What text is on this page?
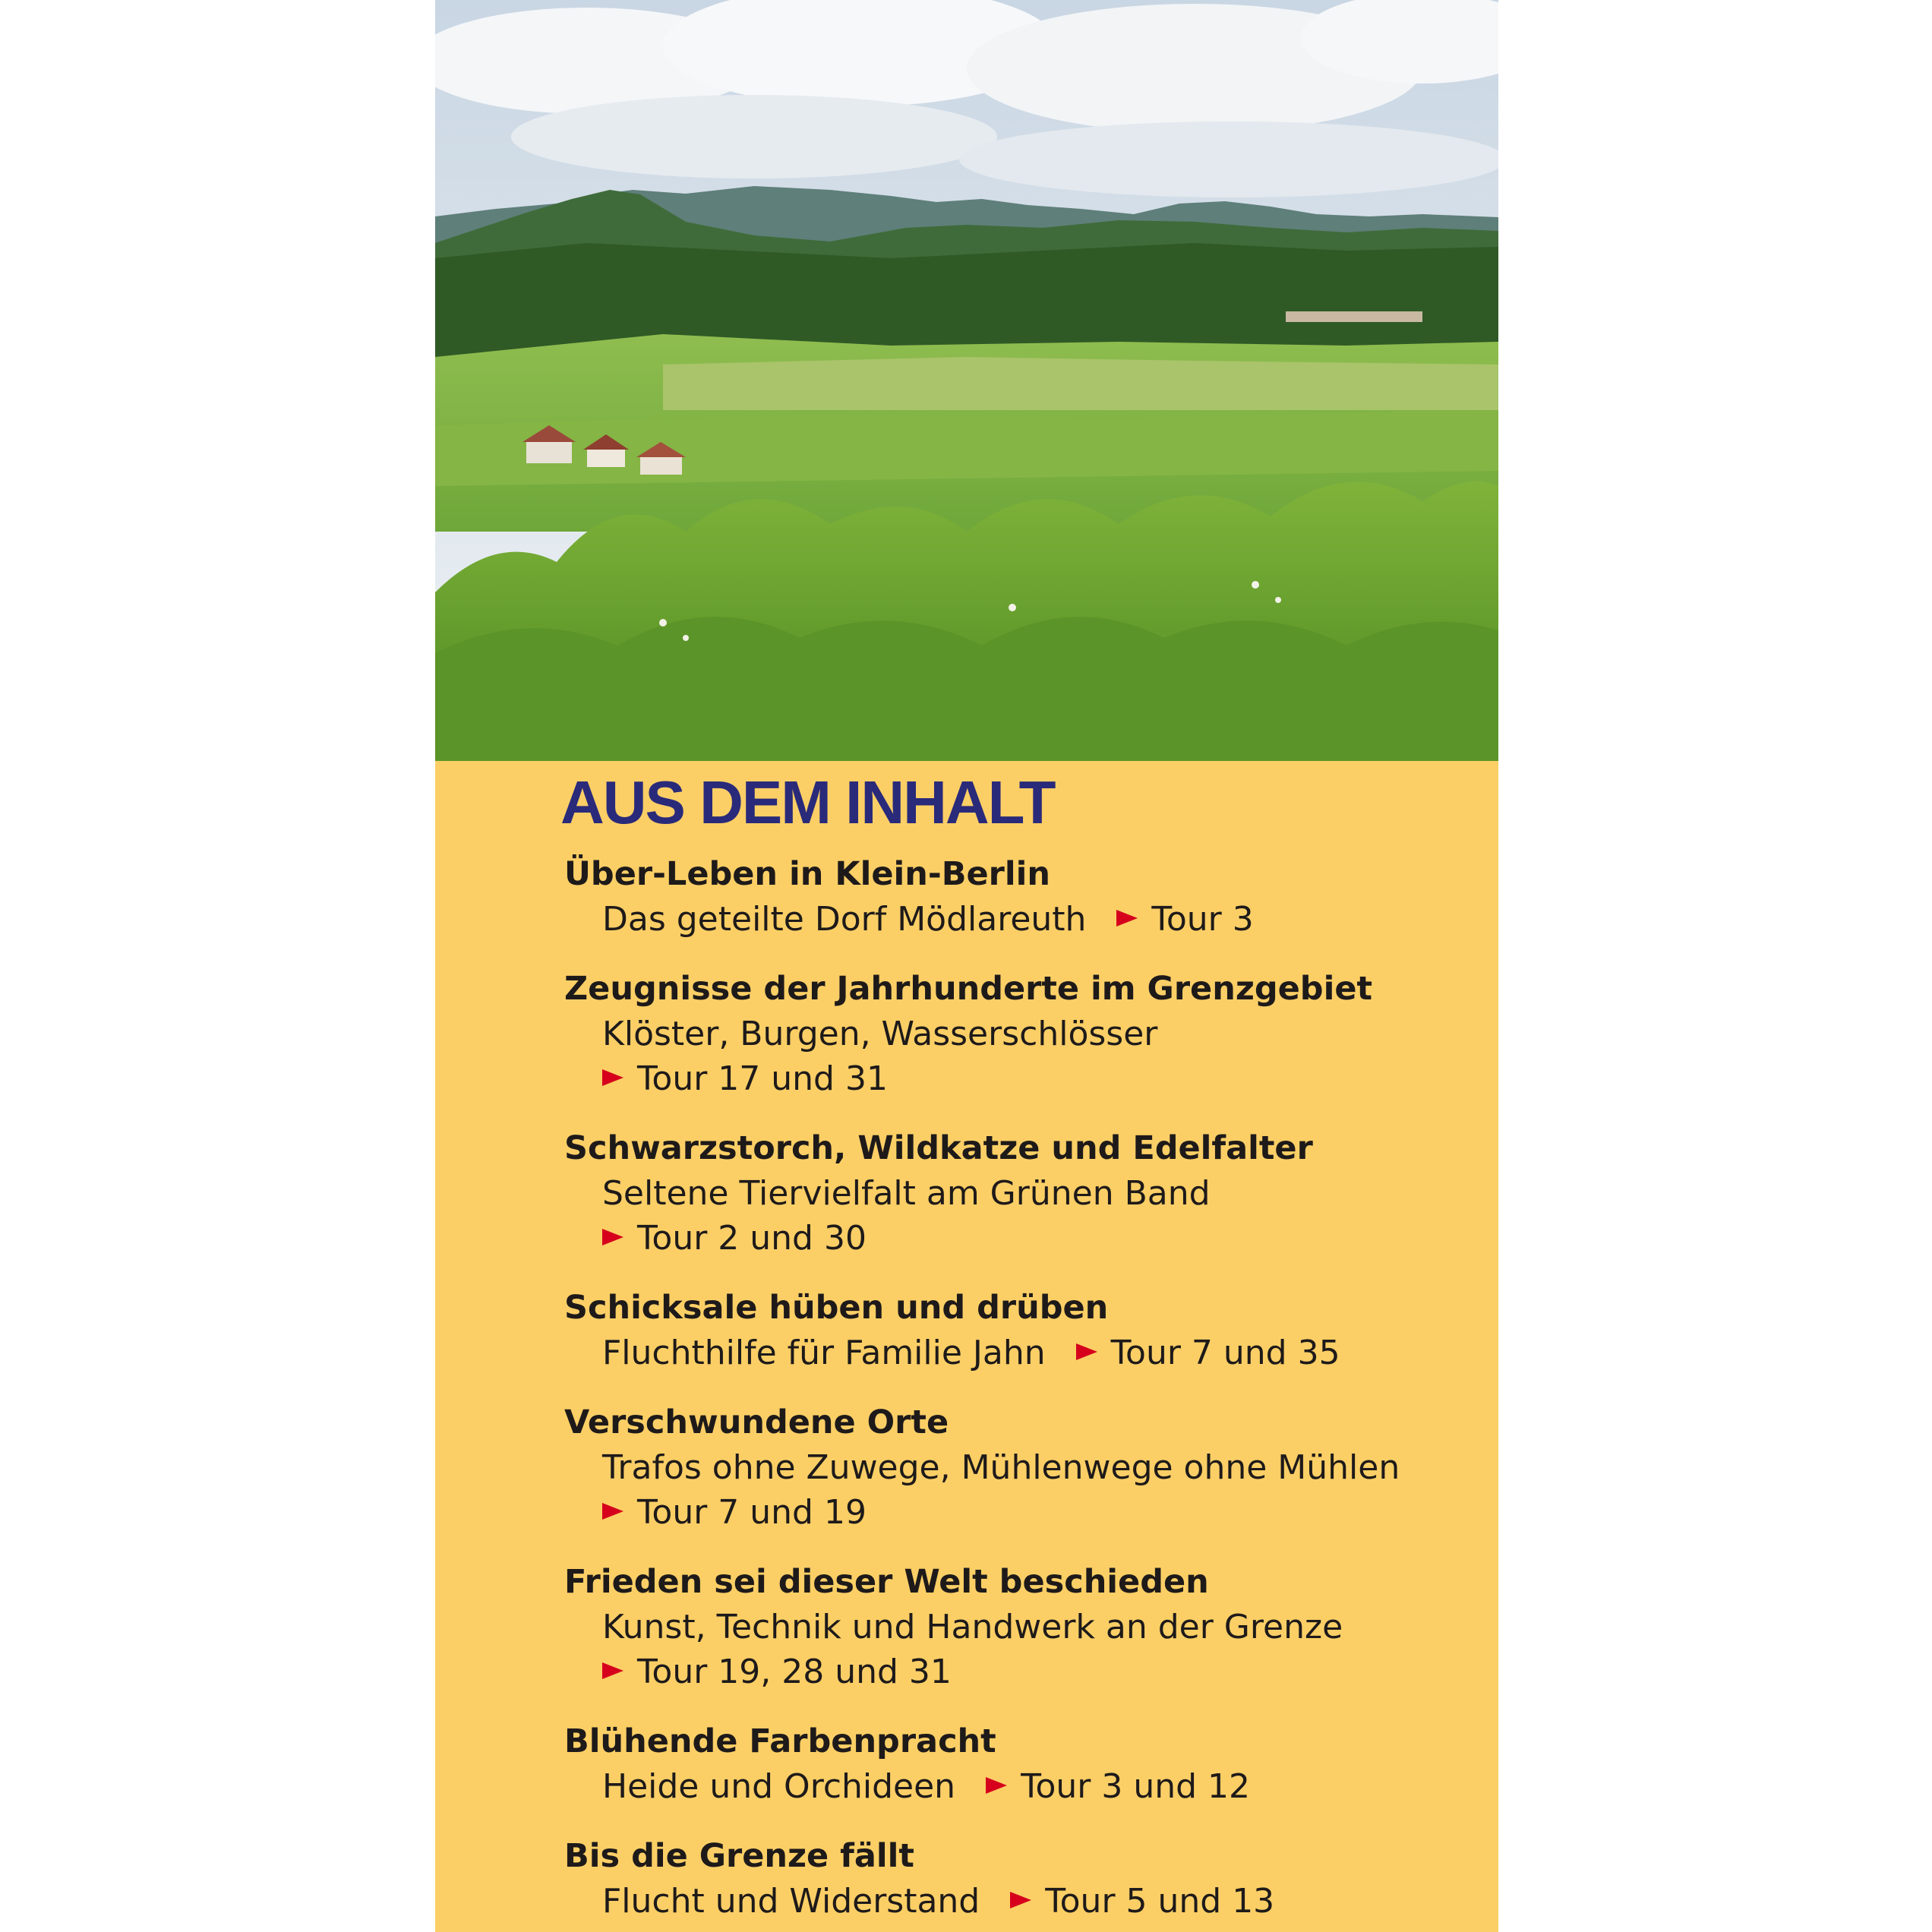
AUS DEM INHALT
Über-Leben in Klein-Berlin
Das geteilte Dorf Mödlareuth Tour 3
Zeugnisse der Jahrhunderte im Grenzgebiet
Klöster, Burgen, Wasserschlösser
Tour 17 und 31
Schwarzstorch, Wildkatze und Edelfalter
Seltene Tiervielfalt am Grünen Band
Tour 2 und 30
Schicksale hüben und drüben
Fluchthilfe für Familie Jahn Tour 7 und 35
Verschwundene Orte
Trafos ohne Zuwege, Mühlenwege ohne Mühlen
Tour 7 und 19
Frieden sei dieser Welt beschieden
Kunst, Technik und Handwerk an der Grenze
Tour 19, 28 und 31
Blühende Farbenpracht
Heide und Orchideen Tour 3 und 12
Bis die Grenze fällt
Flucht und Widerstand Tour 5 und 13
